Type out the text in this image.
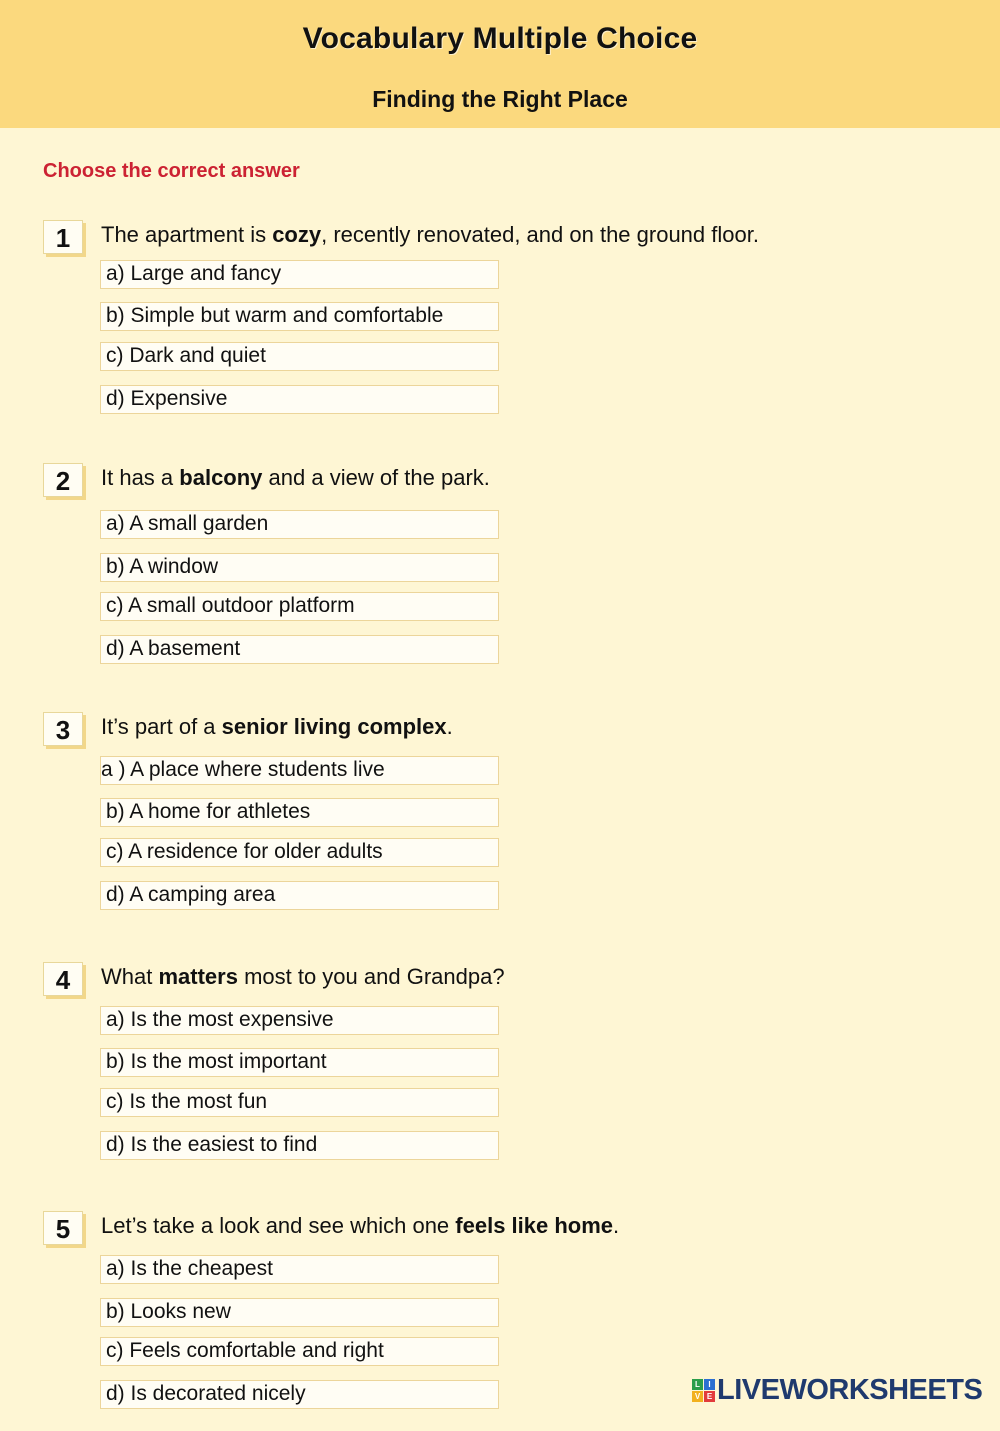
Vocabulary Multiple Choice
Finding the Right Place
Choose the correct answer
1	The apartment is cozy, recently renovated, and on the ground floor.
a) Large and fancy
b) Simple but warm and comfortable
c) Dark and quiet
d) Expensive
2	It has a balcony and a view of the park.
a) A small garden
b) A window
c) A small outdoor platform
d) A basement
3	It’s part of a senior living complex.
a ) A place where students live
b) A home for athletes
c) A residence for older adults
d) A camping area
4	What matters most to you and Grandpa?
a) Is the most expensive
b) Is the most important
c) Is the most fun
d) Is the easiest to find
5	Let’s take a look and see which one feels like home.
a) Is the cheapest
b) Looks new
c) Feels comfortable and right
d) Is decorated nicely	L	I
V E LIVEWORKSHEETS
